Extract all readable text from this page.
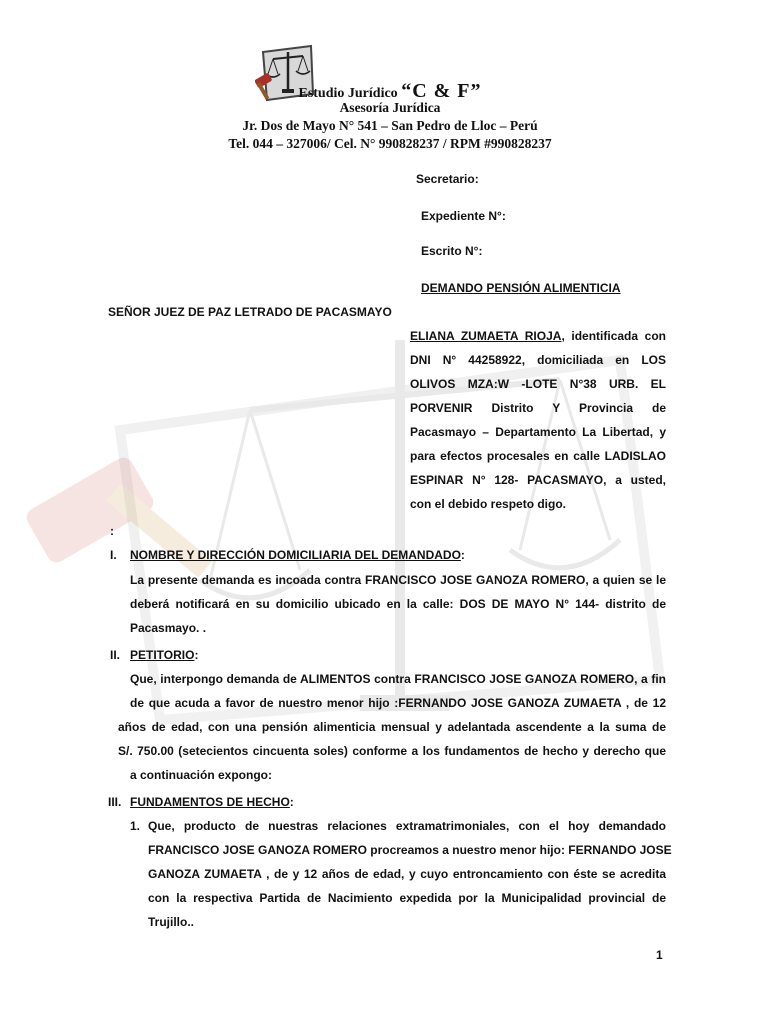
Estudio Jurídico “C & F”
Asesoría Jurídica
Jr. Dos de Mayo N° 541 – San Pedro de Lloc – Perú
Tel. 044 – 327006/ Cel. N° 990828237 / RPM #990828237
Secretario:
Expediente N°:
Escrito N°:
DEMANDO PENSIÓN ALIMENTICIA
SEÑOR JUEZ DE PAZ LETRADO DE PACASMAYO
ELIANA ZUMAETA RIOJA, identificada con
DNI N° 44258922, domiciliada en LOS
OLIVOS MZA:W -LOTE N°38 URB. EL
PORVENIR Distrito Y Provincia de
Pacasmayo – Departamento La Libertad, y
para efectos procesales en calle LADISLAO
ESPINAR N° 128- PACASMAYO, a usted,
con el debido respeto digo.
:
I. NOMBRE Y DIRECCIÓN DOMICILIARIA DEL DEMANDADO:
La presente demanda es incoada contra FRANCISCO JOSE GANOZA ROMERO, a quien se le
deberá notificará en su domicilio ubicado en la calle: DOS DE MAYO N° 144- distrito de
Pacasmayo. .
II. PETITORIO:
Que, interpongo demanda de ALIMENTOS contra FRANCISCO JOSE GANOZA ROMERO, a fin
de que acuda a favor de nuestro menor hijo :FERNANDO JOSE GANOZA ZUMAETA , de 12
años de edad, con una pensión alimenticia mensual y adelantada ascendente a la suma de
S/. 750.00 (setecientos cincuenta soles) conforme a los fundamentos de hecho y derecho que
a continuación expongo:
III. FUNDAMENTOS DE HECHO:
1. Que, producto de nuestras relaciones extramatrimoniales, con el hoy demandado
FRANCISCO JOSE GANOZA ROMERO procreamos a nuestro menor hijo: FERNANDO JOSE
GANOZA ZUMAETA , de y 12 años de edad, y cuyo entroncamiento con éste se acredita
con la respectiva Partida de Nacimiento expedida por la Municipalidad provincial de
Trujillo..
1
